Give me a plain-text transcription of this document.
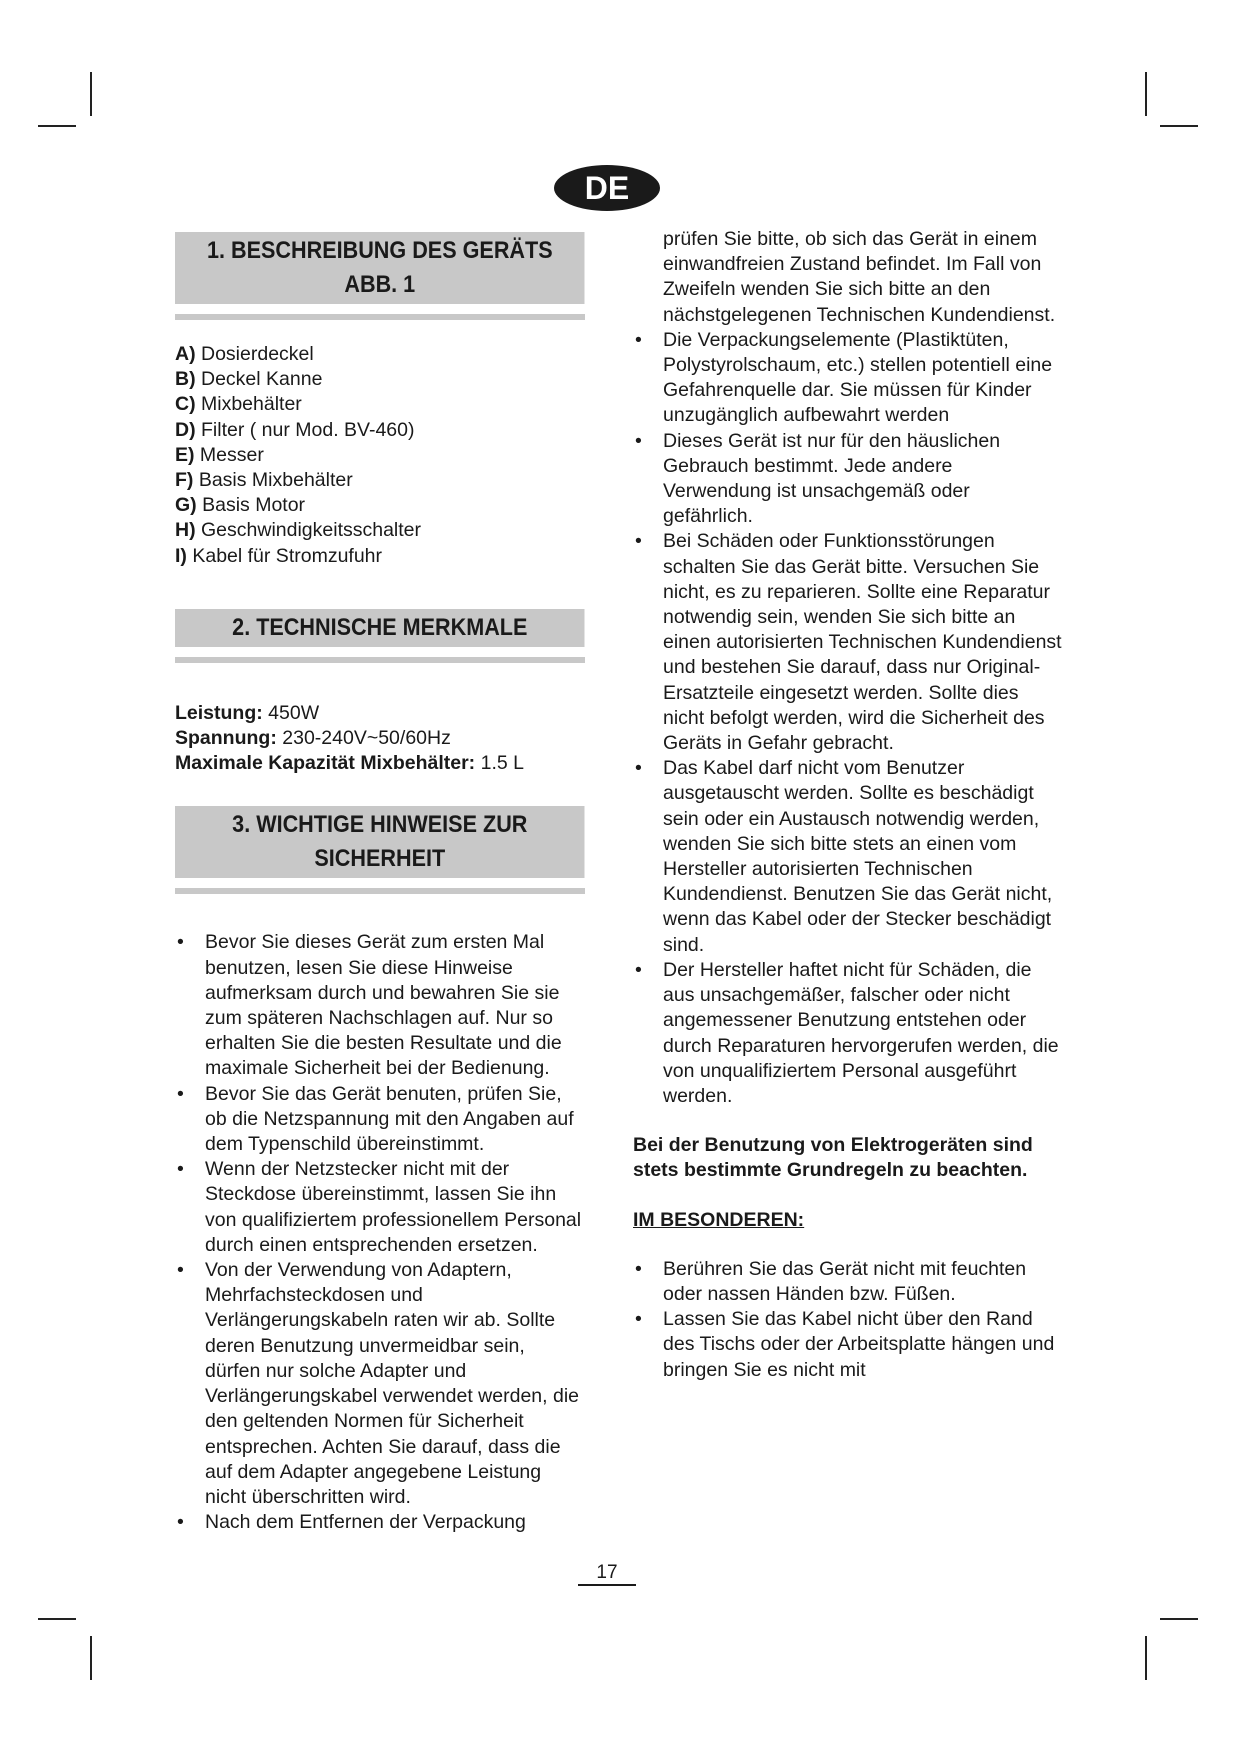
DE
1. BESCHREIBUNG DES GERÄTS ABB. 1
A) Dosierdeckel
B) Deckel Kanne
C) Mixbehälter
D) Filter ( nur Mod. BV-460)
E) Messer
F) Basis Mixbehälter
G) Basis Motor
H) Geschwindigkeitsschalter
I) Kabel für Stromzufuhr
2. TECHNISCHE MERKMALE
Leistung: 450W
Spannung: 230-240V~50/60Hz
Maximale Kapazität Mixbehälter: 1.5 L
3. WICHTIGE HINWEISE ZUR SICHERHEIT
• Bevor Sie dieses Gerät zum ersten Mal benutzen, lesen Sie diese Hinweise aufmerksam durch und bewahren Sie sie zum späteren Nachschlagen auf. Nur so erhalten Sie die besten Resultate und die maximale Sicherheit bei der Bedienung.
• Bevor Sie das Gerät benuten, prüfen Sie, ob die Netzspannung mit den Angaben auf dem Typenschild übereinstimmt.
• Wenn der Netzstecker nicht mit der Steckdose übereinstimmt, lassen Sie ihn von qualifiziertem professionellem Personal durch einen entsprechenden ersetzen.
• Von der Verwendung von Adaptern, Mehrfachsteckdosen und Verlängerungskabeln raten wir ab. Sollte deren Benutzung unvermeidbar sein, dürfen nur solche Adapter und Verlängerungskabel verwendet werden, die den geltenden Normen für Sicherheit entsprechen. Achten Sie darauf, dass die auf dem Adapter angegebene Leistung nicht überschritten wird.
• Nach dem Entfernen der Verpackung
prüfen Sie bitte, ob sich das Gerät in einem einwandfreien Zustand befindet. Im Fall von Zweifeln wenden Sie sich bitte an den nächstgelegenen Technischen Kundendienst.
• Die Verpackungselemente (Plastiktüten, Polystyrolschaum, etc.) stellen potentiell eine Gefahrenquelle dar. Sie müssen für Kinder unzugänglich aufbewahrt werden
• Dieses Gerät ist nur für den häuslichen Gebrauch bestimmt. Jede andere Verwendung ist unsachgemäß oder gefährlich.
• Bei Schäden oder Funktionsstörungen schalten Sie das Gerät bitte. Versuchen Sie nicht, es zu reparieren. Sollte eine Reparatur notwendig sein, wenden Sie sich bitte an einen autorisierten Technischen Kundendienst und bestehen Sie darauf, dass nur Original-Ersatzteile eingesetzt werden. Sollte dies nicht befolgt werden, wird die Sicherheit des Geräts in Gefahr gebracht.
• Das Kabel darf nicht vom Benutzer ausgetauscht werden. Sollte es beschädigt sein oder ein Austausch notwendig werden, wenden Sie sich bitte stets an einen vom Hersteller autorisierten Technischen Kundendienst. Benutzen Sie das Gerät nicht, wenn das Kabel oder der Stecker beschädigt sind.
• Der Hersteller haftet nicht für Schäden, die aus unsachgemäßer, falscher oder nicht angemessener Benutzung entstehen oder durch Reparaturen hervorgerufen werden, die von unqualifiziertem Personal ausgeführt werden.
Bei der Benutzung von Elektrogeräten sind stets bestimmte Grundregeln zu beachten.
IM BESONDEREN:
• Berühren Sie das Gerät nicht mit feuchten oder nassen Händen bzw. Füßen.
• Lassen Sie das Kabel nicht über den Rand des Tischs oder der Arbeitsplatte hängen und bringen Sie es nicht mit
17
